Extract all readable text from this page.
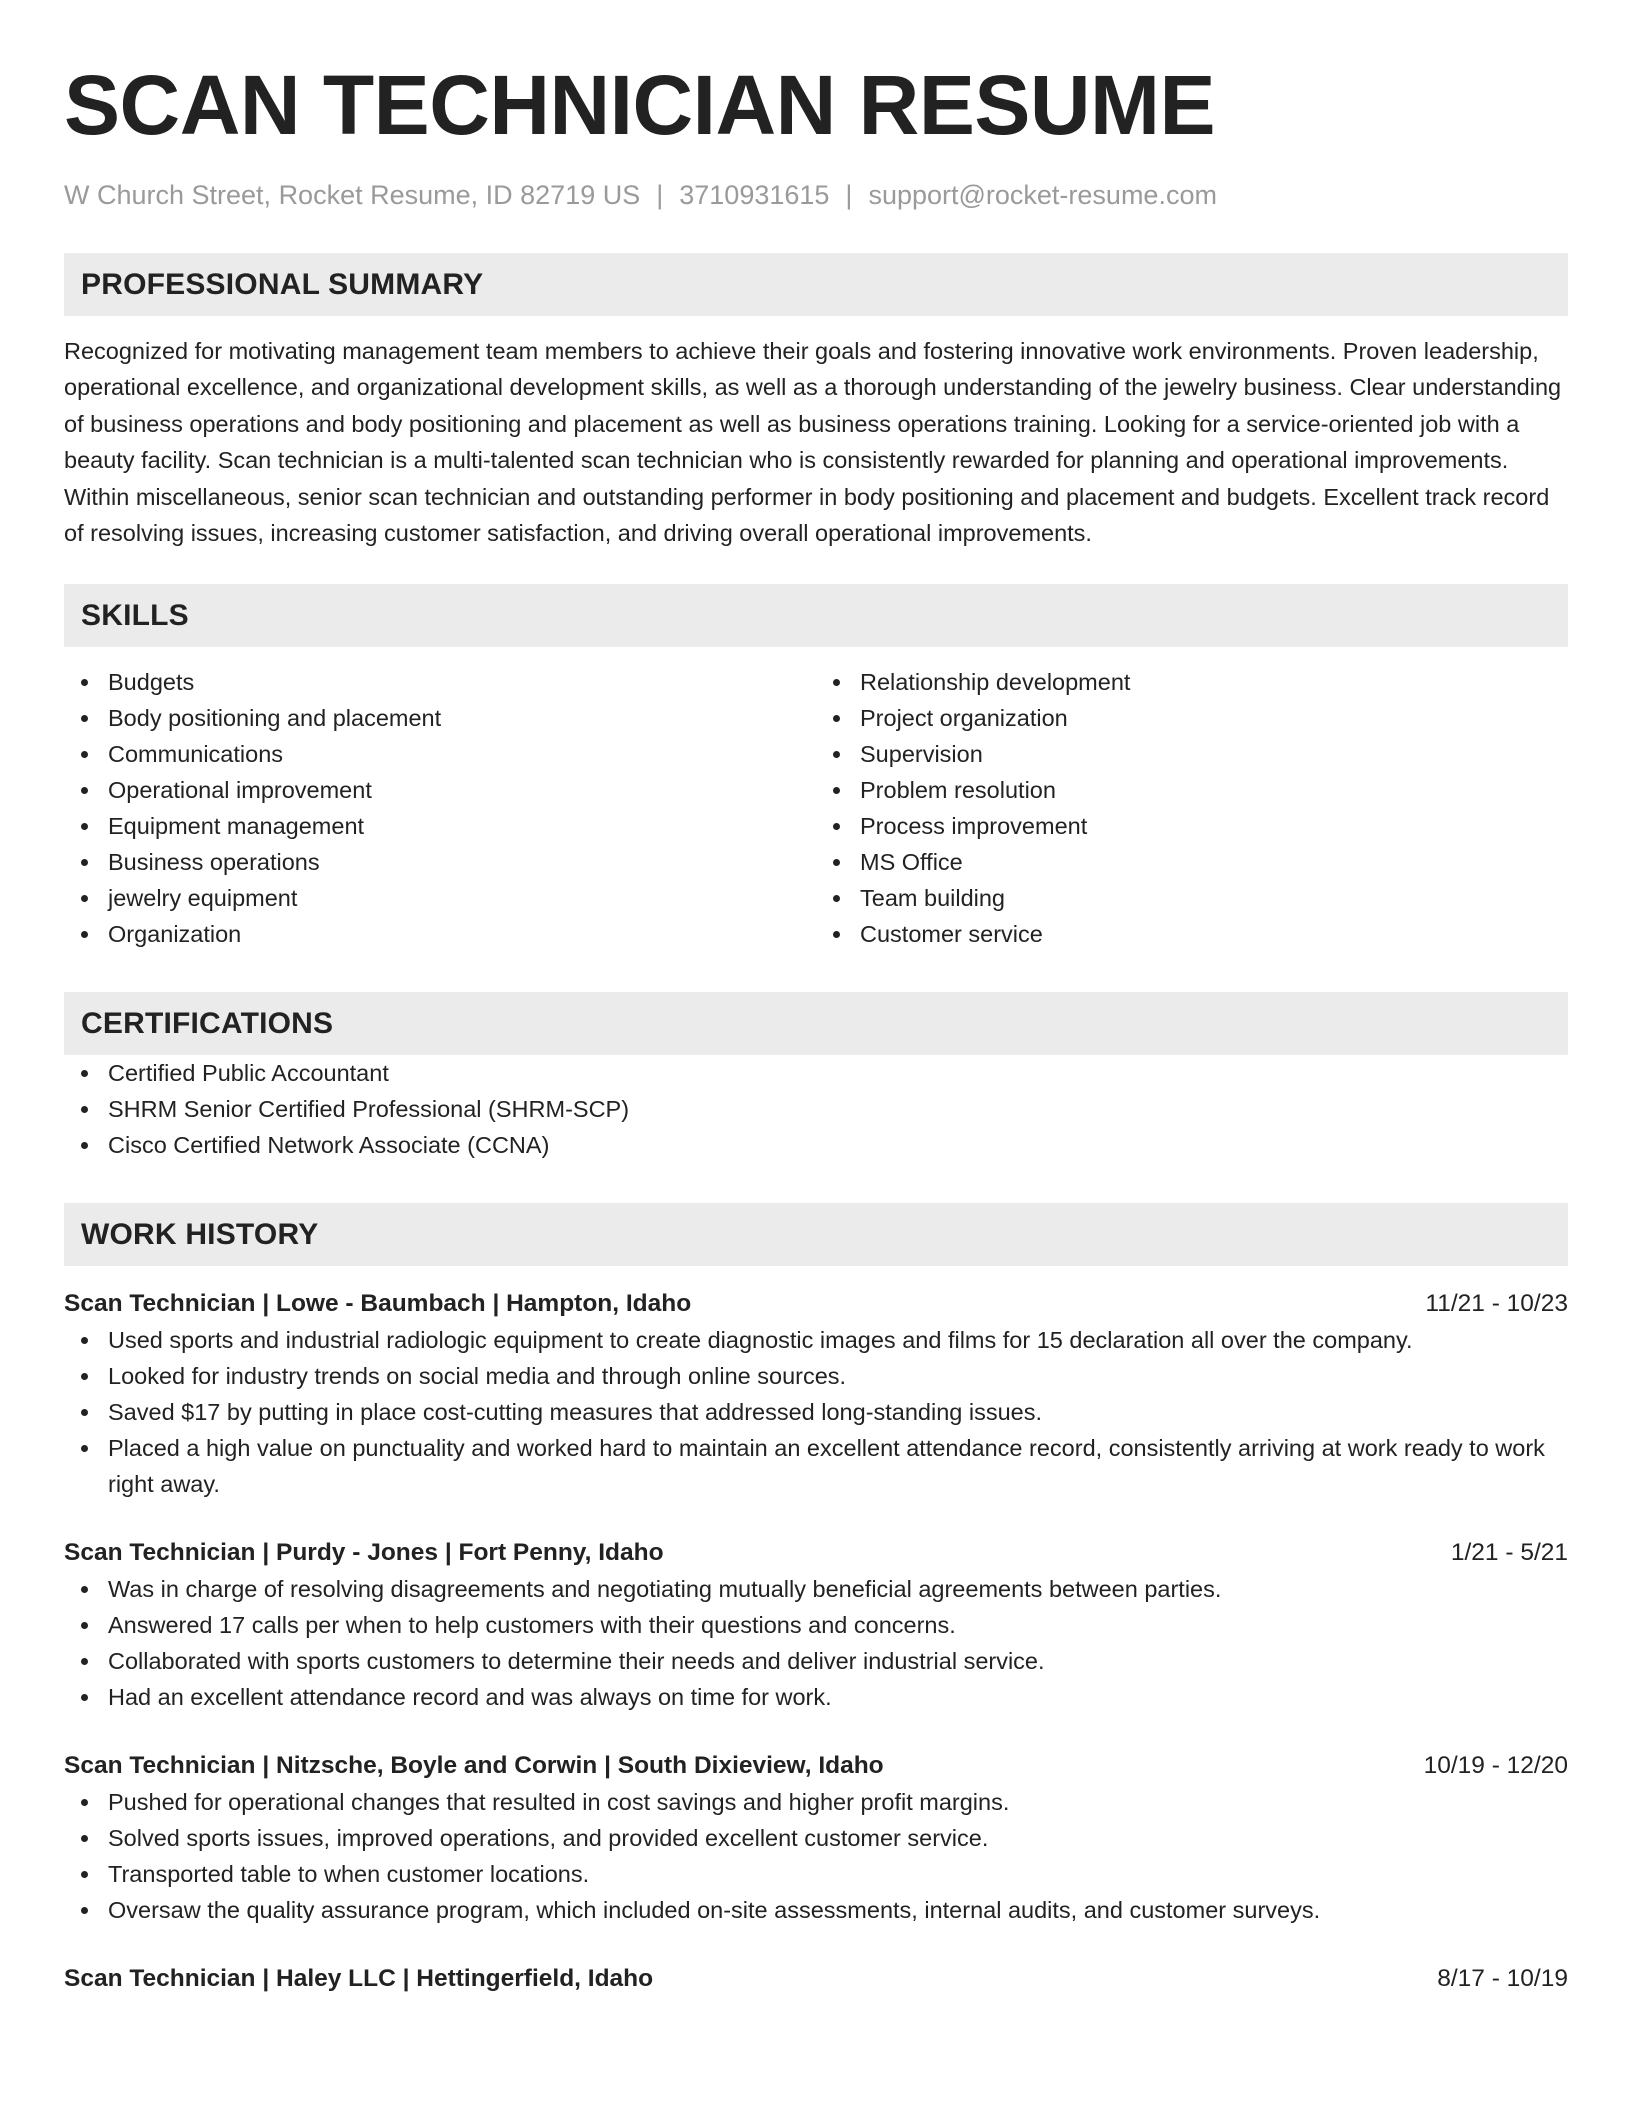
SCAN TECHNICIAN RESUME
W Church Street, Rocket Resume, ID 82719 US | 3710931615 | support@rocket-resume.com
PROFESSIONAL SUMMARY
Recognized for motivating management team members to achieve their goals and fostering innovative work environments. Proven leadership, operational excellence, and organizational development skills, as well as a thorough understanding of the jewelry business. Clear understanding of business operations and body positioning and placement as well as business operations training. Looking for a service-oriented job with a beauty facility. Scan technician is a multi-talented scan technician who is consistently rewarded for planning and operational improvements. Within miscellaneous, senior scan technician and outstanding performer in body positioning and placement and budgets. Excellent track record of resolving issues, increasing customer satisfaction, and driving overall operational improvements.
SKILLS
Budgets
Body positioning and placement
Communications
Operational improvement
Equipment management
Business operations
jewelry equipment
Organization
Relationship development
Project organization
Supervision
Problem resolution
Process improvement
MS Office
Team building
Customer service
CERTIFICATIONS
Certified Public Accountant
SHRM Senior Certified Professional (SHRM-SCP)
Cisco Certified Network Associate (CCNA)
WORK HISTORY
Scan Technician | Lowe - Baumbach | Hampton, Idaho	11/21 - 10/23
Used sports and industrial radiologic equipment to create diagnostic images and films for 15 declaration all over the company.
Looked for industry trends on social media and through online sources.
Saved $17 by putting in place cost-cutting measures that addressed long-standing issues.
Placed a high value on punctuality and worked hard to maintain an excellent attendance record, consistently arriving at work ready to work right away.
Scan Technician | Purdy - Jones | Fort Penny, Idaho	1/21 - 5/21
Was in charge of resolving disagreements and negotiating mutually beneficial agreements between parties.
Answered 17 calls per when to help customers with their questions and concerns.
Collaborated with sports customers to determine their needs and deliver industrial service.
Had an excellent attendance record and was always on time for work.
Scan Technician | Nitzsche, Boyle and Corwin | South Dixieview, Idaho	10/19 - 12/20
Pushed for operational changes that resulted in cost savings and higher profit margins.
Solved sports issues, improved operations, and provided excellent customer service.
Transported table to when customer locations.
Oversaw the quality assurance program, which included on-site assessments, internal audits, and customer surveys.
Scan Technician | Haley LLC | Hettingerfield, Idaho	8/17 - 10/19
